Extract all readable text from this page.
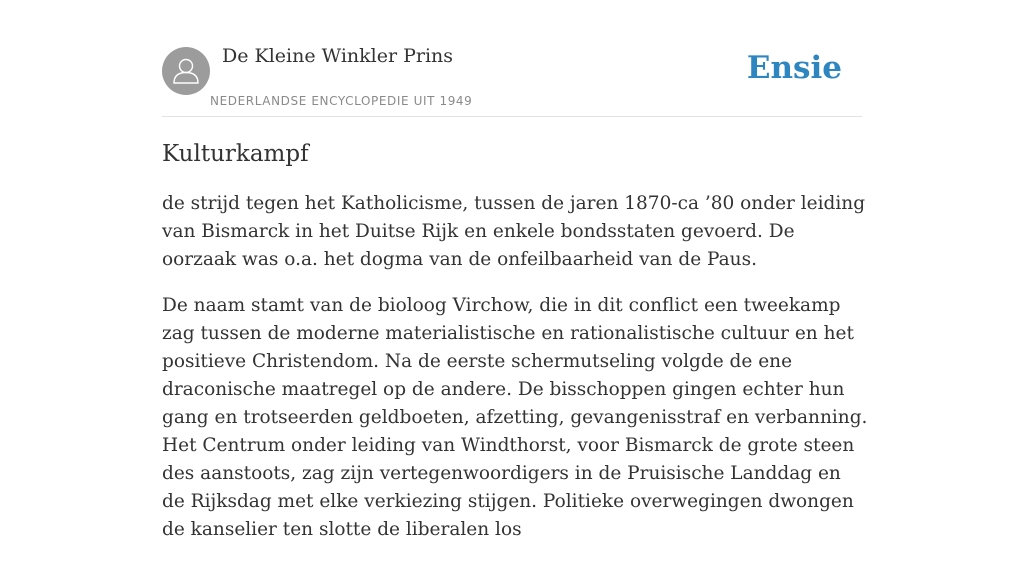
De Kleine Winkler Prins
NEDERLANDSE ENCYCLOPEDIE UIT 1949
Ensie
Kulturkampf

de strijd tegen het Katholicisme, tussen de jaren 1870-ca ’80 onder leiding van Bismarck in het Duitse Rijk en enkele bondsstaten gevoerd. De oorzaak was o.a. het dogma van de onfeilbaarheid van de Paus.

De naam stamt van de bioloog Virchow, die in dit conflict een tweekamp zag tussen de moderne materialistische en rationalistische cultuur en het positieve Christendom. Na de eerste schermutseling volgde de ene draconische maatregel op de andere. De bisschoppen gingen echter hun gang en trotseerden geldboeten, afzetting, gevangenisstraf en verbanning. Het Centrum onder leiding van Windthorst, voor Bismarck de grote steen des aanstoots, zag zijn vertegenwoordigers in de Pruisische Landdag en de Rijksdag met elke verkiezing stijgen. Politieke overwegingen dwongen de kanselier ten slotte de liberalen los
